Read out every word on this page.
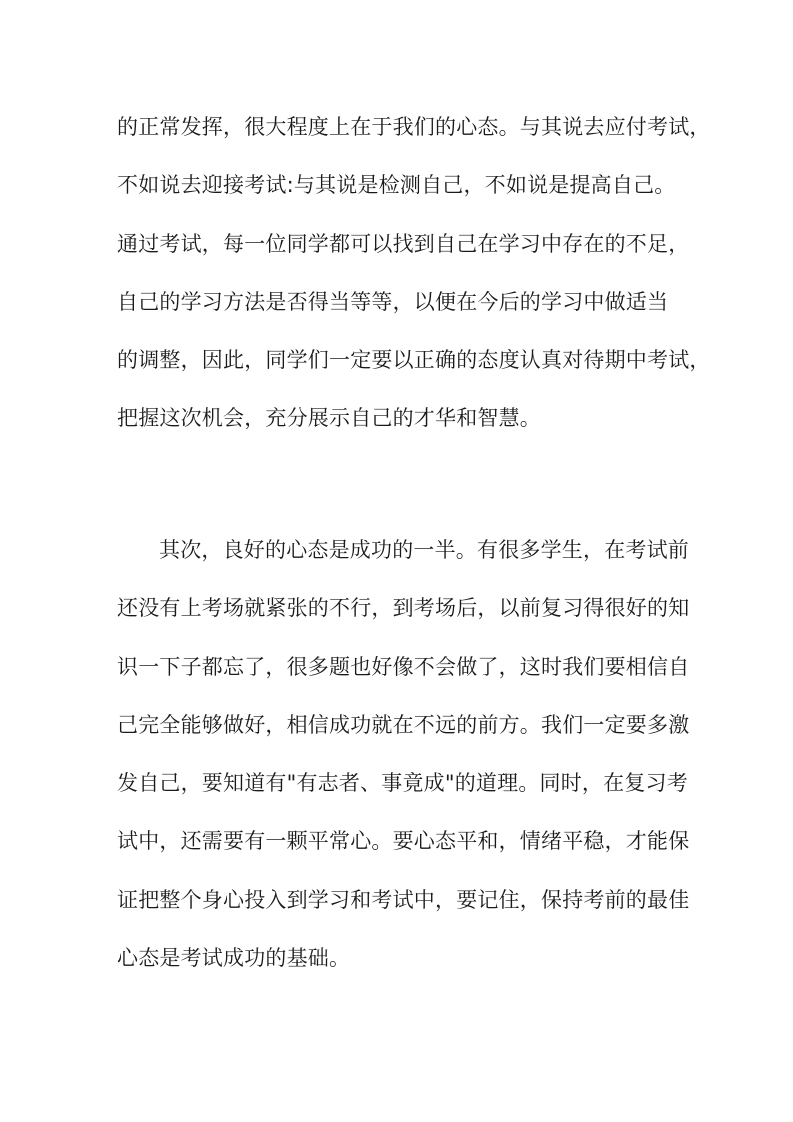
的正常发挥，很大程度上在于我们的心态。与其说去应付考试，
不如说去迎接考试:与其说是检测自己，不如说是提高自己。
通过考试，每一位同学都可以找到自己在学习中存在的不足，
自己的学习方法是否得当等等，以便在今后的学习中做适当
的调整，因此，同学们一定要以正确的态度认真对待期中考试，
把握这次机会，充分展示自己的才华和智慧。
其次，良好的心态是成功的一半。有很多学生，在考试前
还没有上考场就紧张的不行，到考场后，以前复习得很好的知
识一下子都忘了，很多题也好像不会做了，这时我们要相信自
己完全能够做好，相信成功就在不远的前方。我们一定要多激
发自己，要知道有"有志者、事竟成"的道理。同时，在复习考
试中，还需要有一颗平常心。要心态平和，情绪平稳，才能保
证把整个身心投入到学习和考试中，要记住，保持考前的最佳
心态是考试成功的基础。
